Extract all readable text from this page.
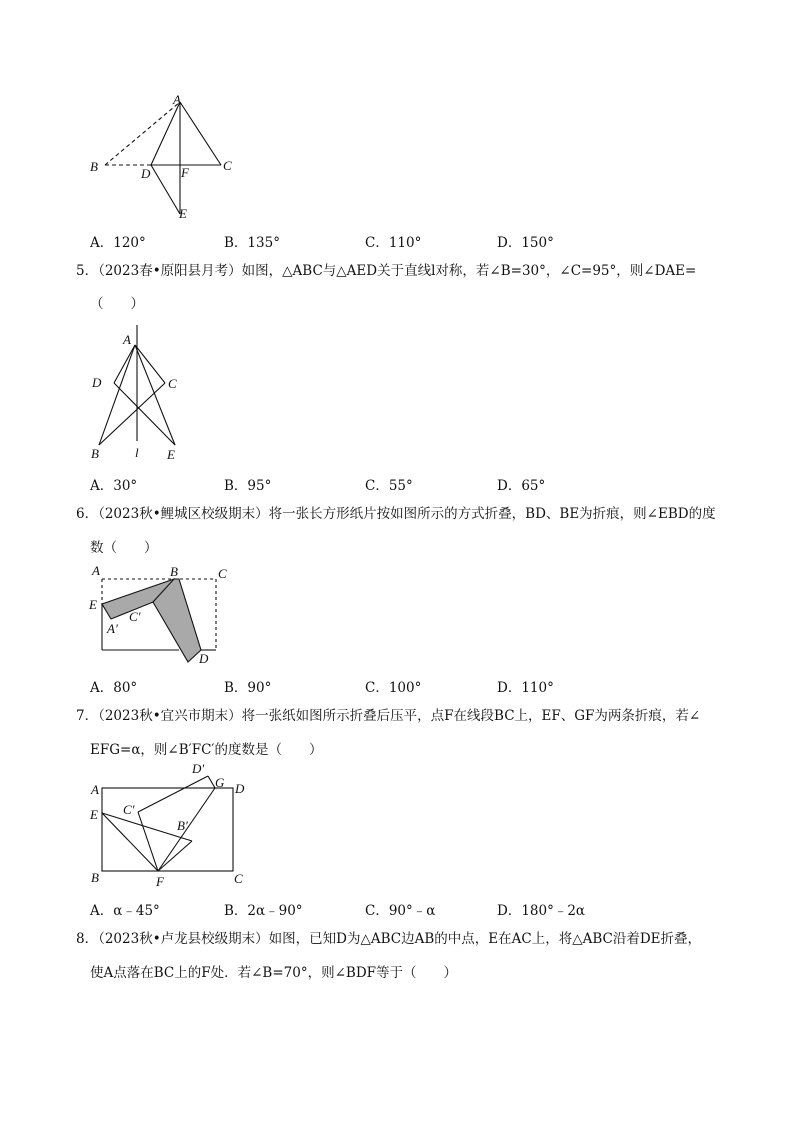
A
B	C
D F
E
A．120°	B．135°	C．110°	D．150°
5．（2023春•原阳县月考）如图，△ABC与△AED关于直线l对称，若∠B=30°，∠C=95°，则∠DAE=
（　　）
A
D	C
B	l E
A．30°	B．95°	C．55°	D．65°
6．（2023秋•鲤城区校级期末）将一张长方形纸片按如图所示的方式折叠，BD、BE为折痕，则∠EBD的度
数（　　）
A	B	C
E
C′
A′
D
A．80°	B．90°	C．100°	D．110°
7．（2023秋•宜兴市期末）将一张纸如图所示折叠后压平，点F在线段BC上，EF、GF为两条折痕，若∠
EFG=α，则∠B′FC′的度数是（　　）
A
D′
G D
C′
E
B′
B	F	C
A．α﹣45°	B．2α﹣90°	C．90°﹣α	D．180°﹣2α
8．（2023秋•卢龙县校级期末）如图，已知D为△ABC边AB的中点，E在AC上，将△ABC沿着DE折叠，
使A点落在BC上的F处．若∠B=70°，则∠BDF等于（　　）
